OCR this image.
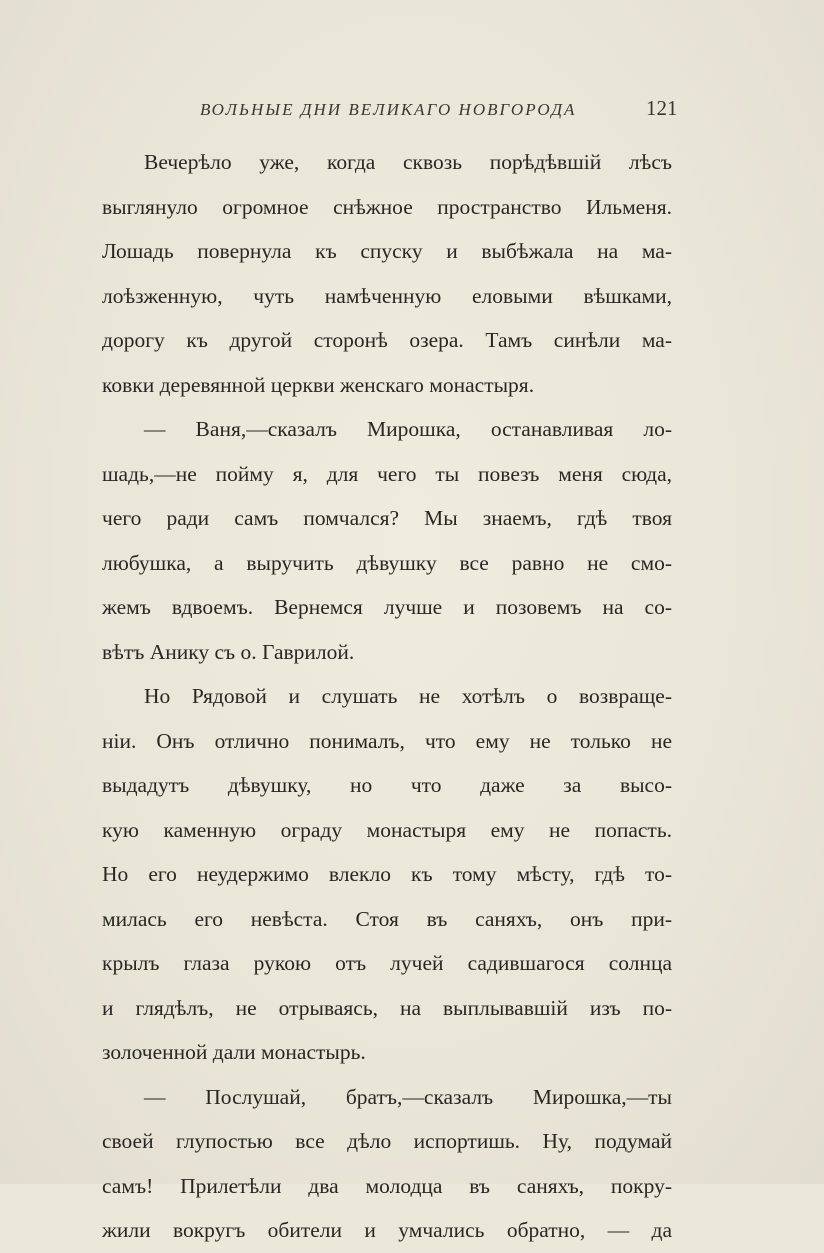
ВОЛЬНЫЕ ДНИ ВЕЛИКАГО НОВГОРОДА	121
Вечерѣло уже, когда сквозь порѣдѣвшій лѣсъ
выглянуло огромное снѣжное пространство Ильменя.
Лошадь повернула къ спуску и выбѣжала на ма-
лоѣзженную, чуть намѣченную еловыми вѣшками,
дорогу къ другой сторонѣ озера. Тамъ синѣли ма-
ковки деревянной церкви женскаго монастыря.
— Ваня,—сказалъ Мирошка, останавливая ло-
шадь,—не пойму я, для чего ты повезъ меня сюда,
чего ради самъ помчался? Мы знаемъ, гдѣ твоя
любушка, а выручить дѣвушку все равно не смо-
жемъ вдвоемъ. Вернемся лучше и позовемъ на со-
вѣтъ Анику съ о. Гаврилой.
Но Рядовой и слушать не хотѣлъ о возвраще-
ніи. Онъ отлично понималъ, что ему не только не
выдадутъ дѣвушку, но что даже за высо-
кую каменную ограду монастыря ему не попасть.
Но его неудержимо влекло къ тому мѣсту, гдѣ то-
милась его невѣста. Стоя въ саняхъ, онъ при-
крылъ глаза рукою отъ лучей садившагося солнца
и глядѣлъ, не отрываясь, на выплывавшій изъ по-
золоченной дали монастырь.
— Послушай, братъ,—сказалъ Мирошка,—ты
своей глупостью все дѣло испортишь. Ну, подумай
самъ! Прилетѣли два молодца въ саняхъ, покру-
жили вокругъ обители и умчались обратно, — да
